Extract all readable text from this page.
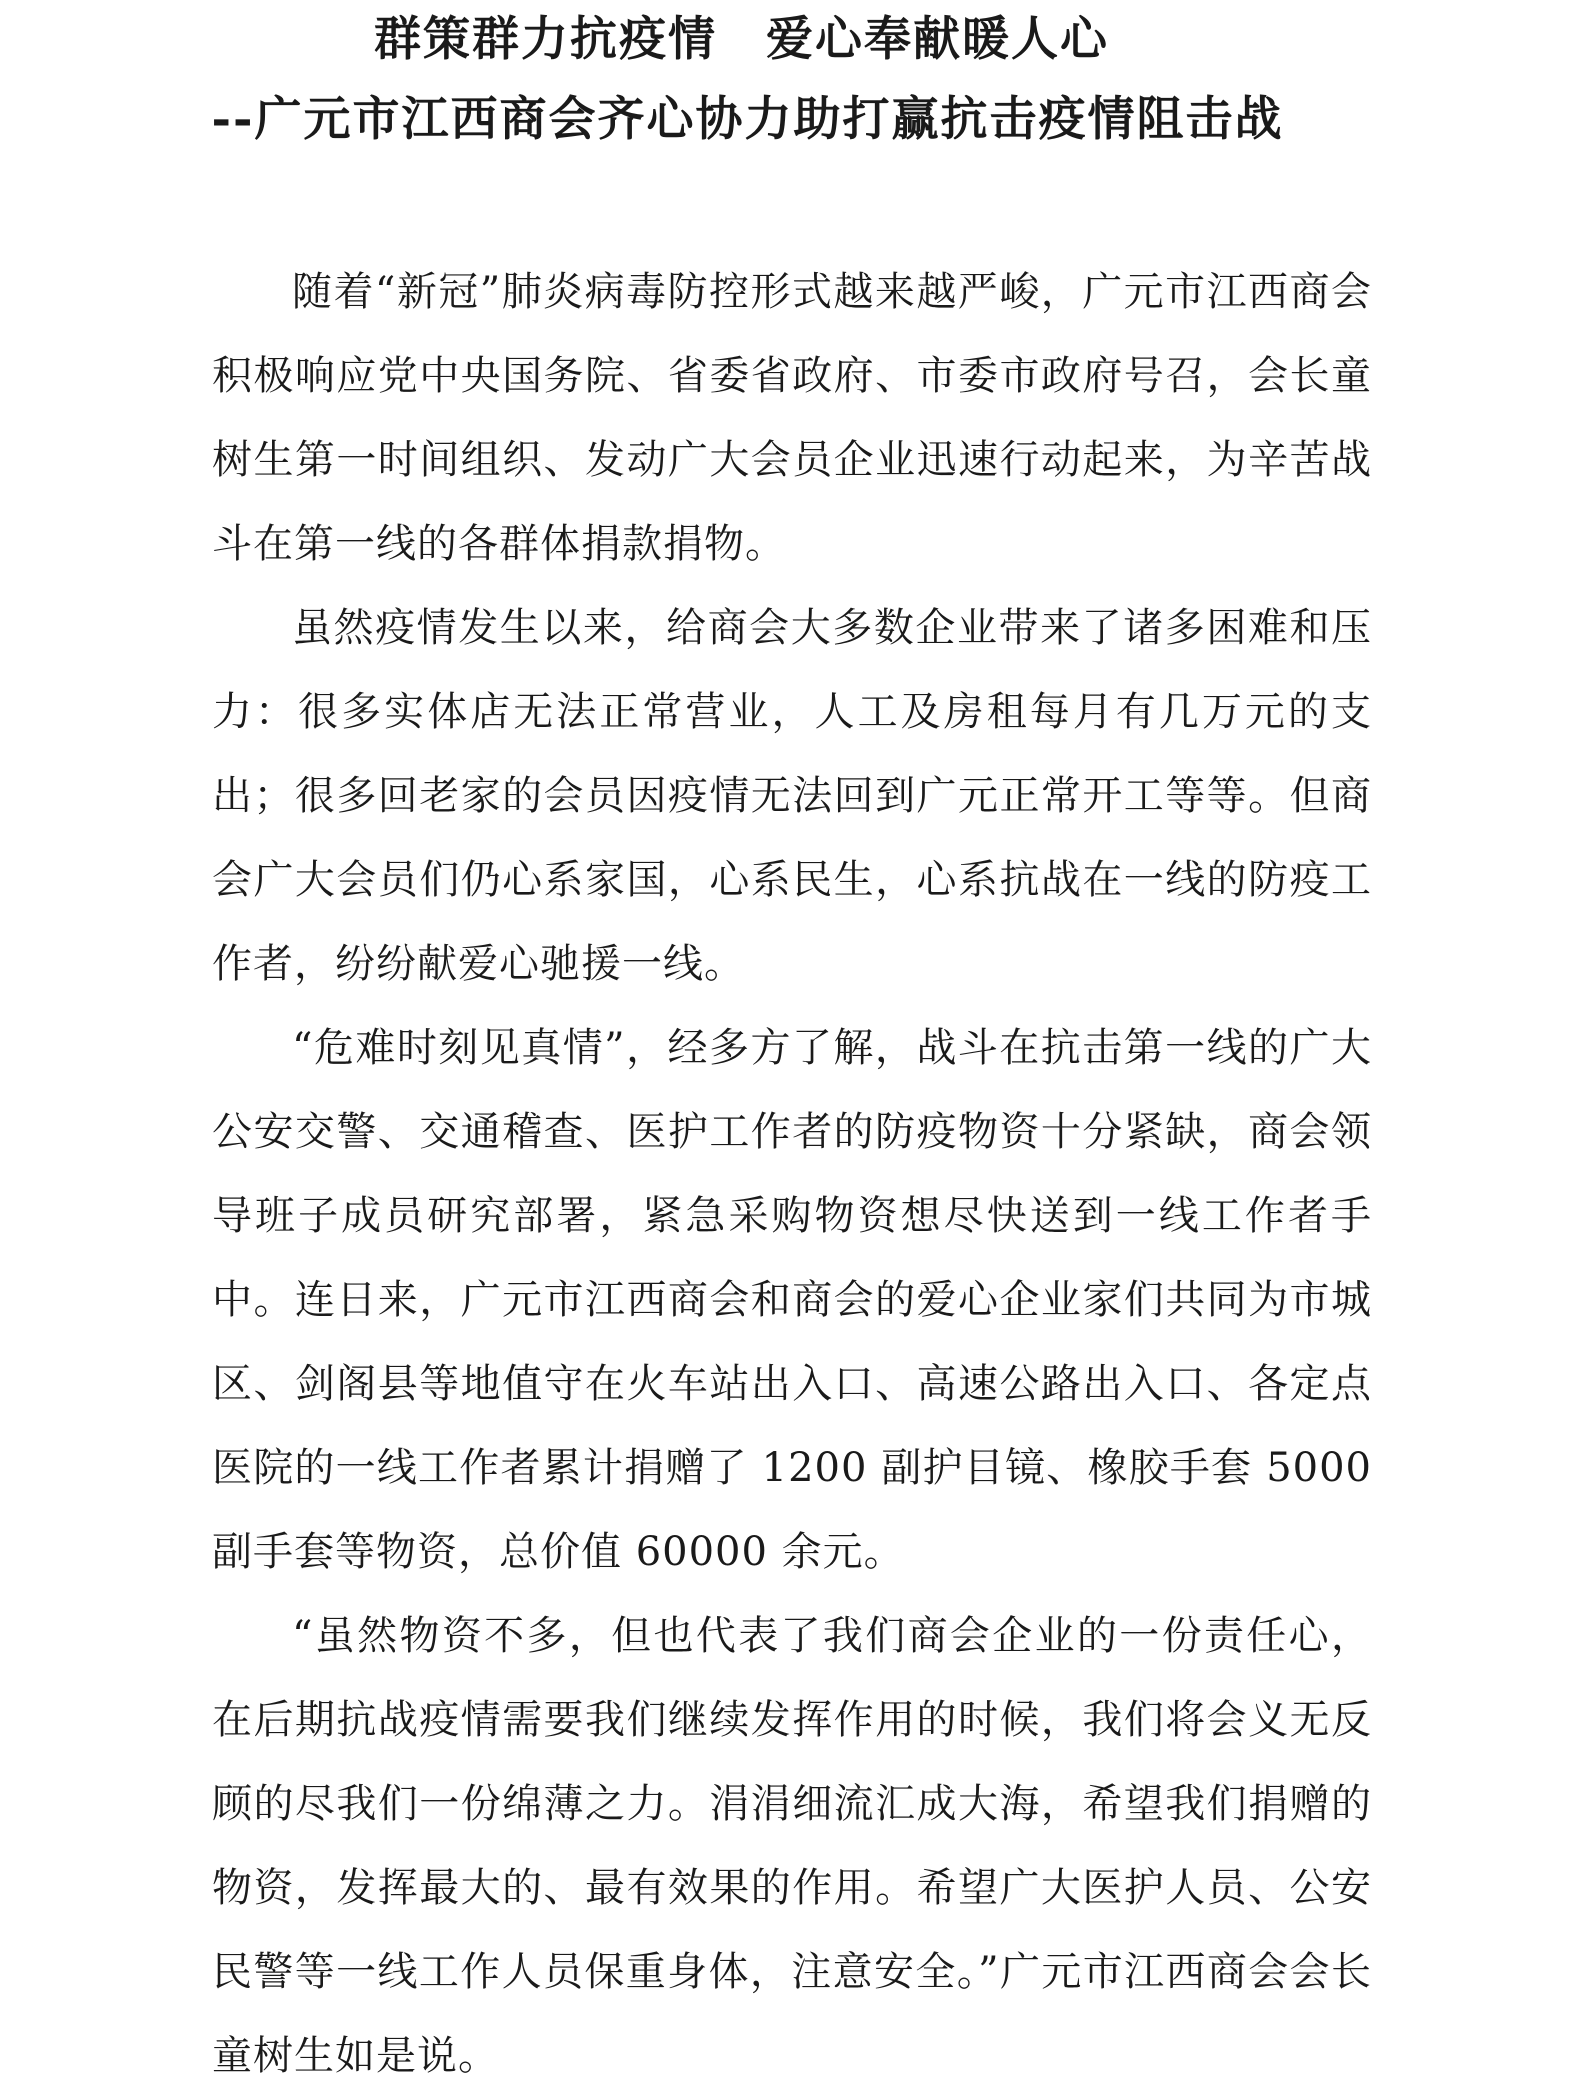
群策群力抗疫情　爱心奉献暖人心
--广元市江西商会齐心协力助打赢抗击疫情阻击战

随着“新冠”肺炎病毒防控形式越来越严峻，广元市江西商会积极响应党中央国务院、省委省政府、市委市政府号召，会长童树生第一时间组织、发动广大会员企业迅速行动起来，为辛苦战斗在第一线的各群体捐款捐物。

虽然疫情发生以来，给商会大多数企业带来了诸多困难和压力：很多实体店无法正常营业，人工及房租每月有几万元的支出；很多回老家的会员因疫情无法回到广元正常开工等等。但商会广大会员们仍心系家国，心系民生，心系抗战在一线的防疫工作者，纷纷献爱心驰援一线。

“危难时刻见真情”，经多方了解，战斗在抗击第一线的广大公安交警、交通稽查、医护工作者的防疫物资十分紧缺，商会领导班子成员研究部署，紧急采购物资想尽快送到一线工作者手中。连日来，广元市江西商会和商会的爱心企业家们共同为市城区、剑阁县等地值守在火车站出入口、高速公路出入口、各定点医院的一线工作者累计捐赠了 1200 副护目镜、橡胶手套 5000 副手套等物资，总价值 60000 余元。

“虽然物资不多，但也代表了我们商会企业的一份责任心，在后期抗战疫情需要我们继续发挥作用的时候，我们将会义无反顾的尽我们一份绵薄之力。涓涓细流汇成大海，希望我们捐赠的物资，发挥最大的、最有效果的作用。希望广大医护人员、公安民警等一线工作人员保重身体，注意安全。”广元市江西商会会长童树生如是说。
